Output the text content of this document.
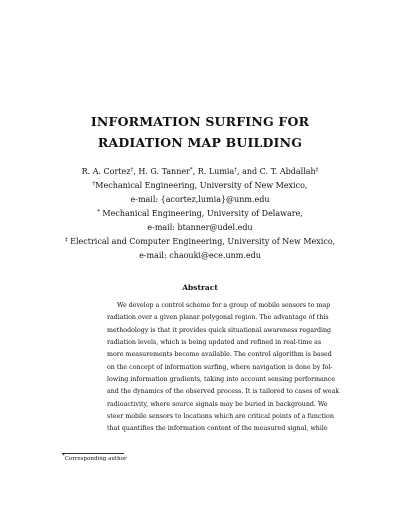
INFORMATION SURFING FOR
RADIATION MAP BUILDING
R. A. Cortez†, H. G. Tanner*, R. Lumia†, and C. T. Abdallah‡
†Mechanical Engineering, University of New Mexico,
e-mail: {acortez,lumia}@unm.edu
* Mechanical Engineering, University of Delaware,
e-mail: btanner@udel.edu
‡ Electrical and Computer Engineering, University of New Mexico,
e-mail: chaouki@ece.unm.edu
Abstract
We develop a control scheme for a group of mobile sensors to map
radiation over a given planar polygonal region. The advantage of this
methodology is that it provides quick situational awareness regarding
radiation levels, which is being updated and refined in real-time as
more measurements become available. The control algorithm is based
on the concept of information surfing, where navigation is done by fol-
lowing information gradients, taking into account sensing performance
and the dynamics of the observed process. It is tailored to cases of weak
radioactivity, where source signals may be buried in background. We
steer mobile sensors to locations which are critical points of a function
that quantifies the information content of the measured signal, while
*Corresponding author
